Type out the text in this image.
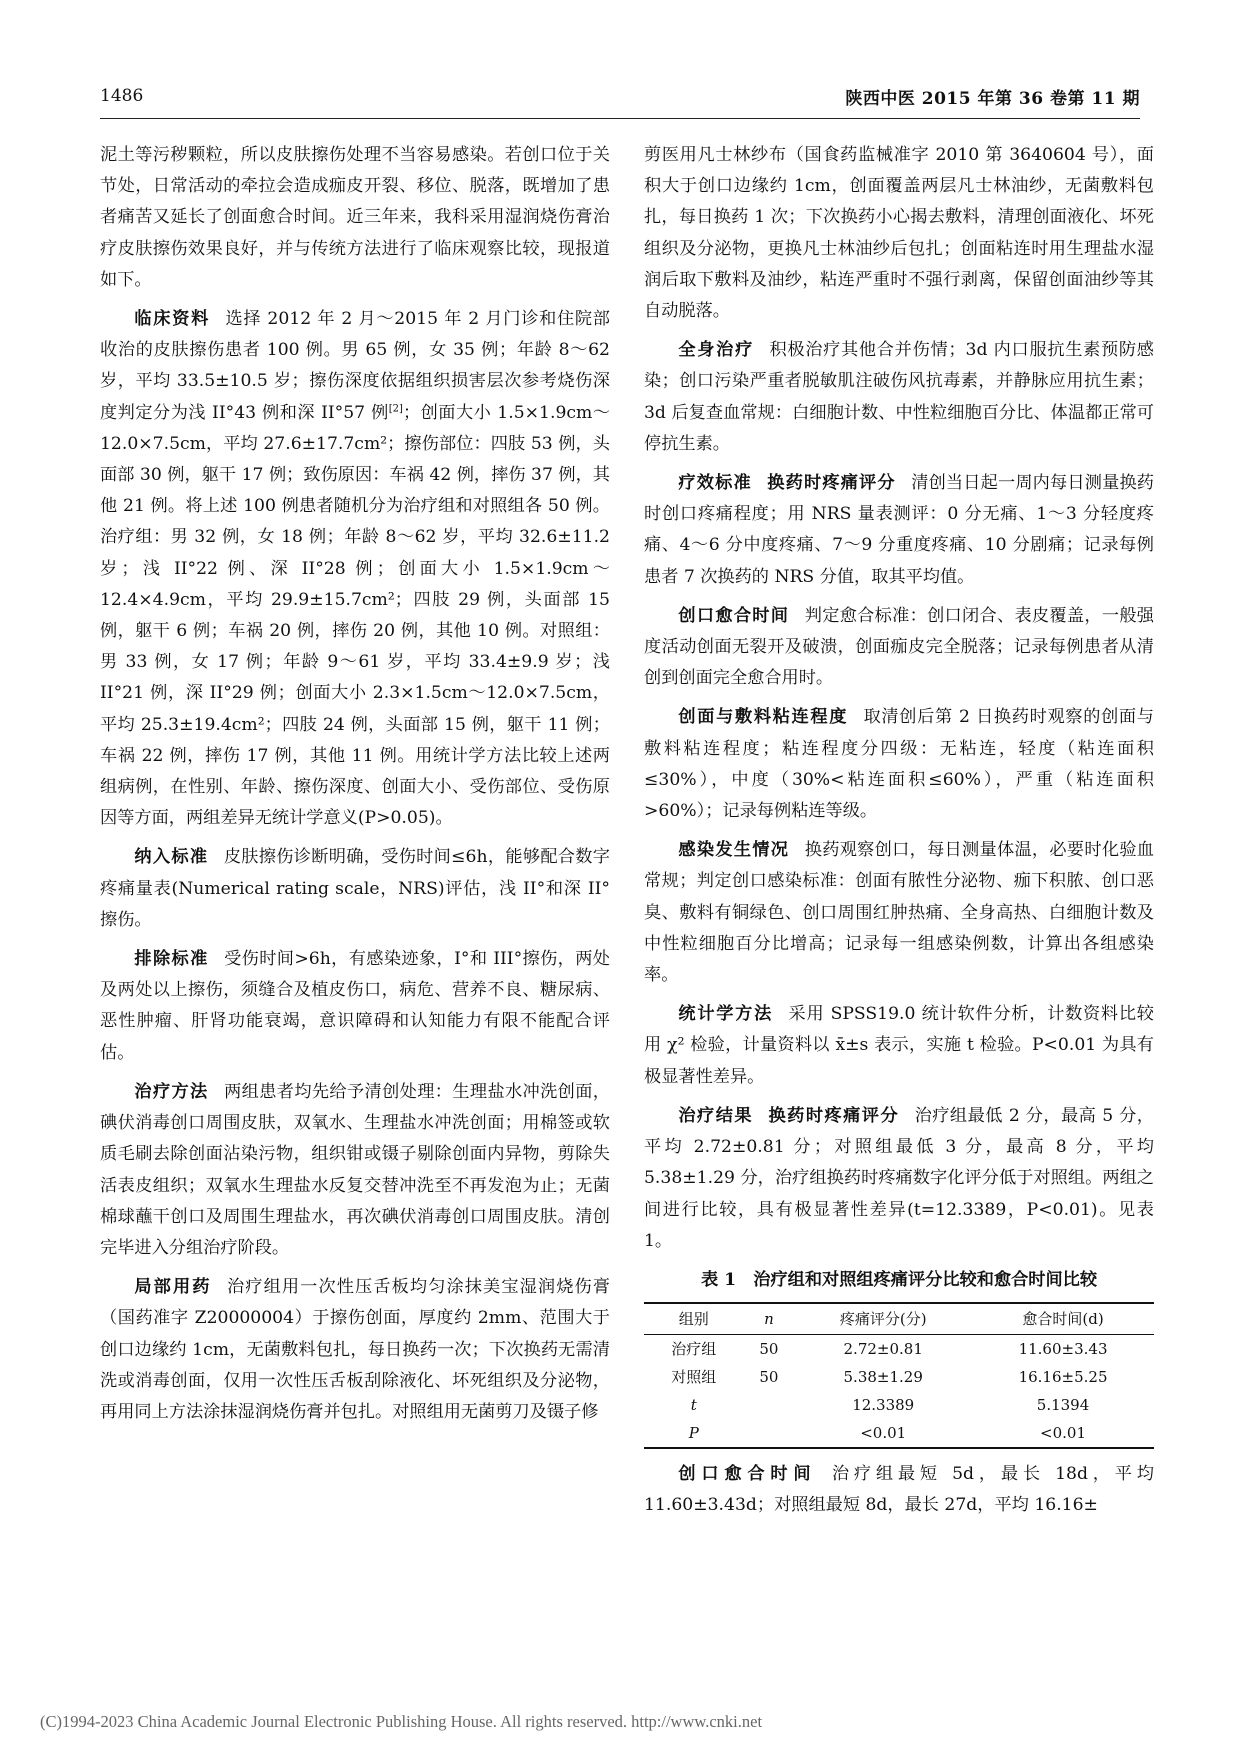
1486	陕西中医 2015 年第 36 卷第 11 期

泥土等污秽颗粒，所以皮肤擦伤处理不当容易感染。若创口位于关节处，日常活动的牵拉会造成痂皮开裂、移位、脱落，既增加了患者痛苦又延长了创面愈合时间。近三年来，我科采用湿润烧伤膏治疗皮肤擦伤效果良好，并与传统方法进行了临床观察比较，现报道如下。

临床资料 选择 2012 年 2 月～2015 年 2 月门诊和住院部收治的皮肤擦伤患者 100 例。男 65 例，女 35 例；年龄 8～62 岁，平均 33.5±10.5 岁；擦伤深度依据组织损害层次参考烧伤深度判定分为浅 II°43 例和深 II°57 例[2]；创面大小 1.5×1.9cm～12.0×7.5cm，平均 27.6±17.7cm²；擦伤部位：四肢 53 例，头面部 30 例，躯干 17 例；致伤原因：车祸 42 例，摔伤 37 例，其他 21 例。将上述 100 例患者随机分为治疗组和对照组各 50 例。治疗组：男 32 例，女 18 例；年龄 8～62 岁，平均 32.6±11.2 岁；浅 II°22 例、深 II°28 例；创面大小 1.5×1.9cm～12.4×4.9cm，平均 29.9±15.7cm²；四肢 29 例，头面部 15 例，躯干 6 例；车祸 20 例，摔伤 20 例，其他 10 例。对照组：男 33 例，女 17 例；年龄 9～61 岁，平均 33.4±9.9 岁；浅 II°21 例，深 II°29 例；创面大小 2.3×1.5cm～12.0×7.5cm，平均 25.3±19.4cm²；四肢 24 例，头面部 15 例，躯干 11 例；车祸 22 例，摔伤 17 例，其他 11 例。用统计学方法比较上述两组病例，在性别、年龄、擦伤深度、创面大小、受伤部位、受伤原因等方面，两组差异无统计学意义(P>0.05)。

纳入标准 皮肤擦伤诊断明确，受伤时间≤6h，能够配合数字疼痛量表(Numerical rating scale，NRS)评估，浅 II°和深 II°擦伤。

排除标准 受伤时间>6h，有感染迹象，I°和 III°擦伤，两处及两处以上擦伤，须缝合及植皮伤口，病危、营养不良、糖尿病、恶性肿瘤、肝肾功能衰竭，意识障碍和认知能力有限不能配合评估。

治疗方法 两组患者均先给予清创处理：生理盐水冲洗创面，碘伏消毒创口周围皮肤，双氧水、生理盐水冲洗创面；用棉签或软质毛刷去除创面沾染污物，组织钳或镊子剔除创面内异物，剪除失活表皮组织；双氧水生理盐水反复交替冲洗至不再发泡为止；无菌棉球蘸干创口及周围生理盐水，再次碘伏消毒创口周围皮肤。清创完毕进入分组治疗阶段。

局部用药 治疗组用一次性压舌板均匀涂抹美宝湿润烧伤膏（国药准字 Z20000004）于擦伤创面，厚度约 2mm、范围大于创口边缘约 1cm，无菌敷料包扎，每日换药一次；下次换药无需清洗或消毒创面，仅用一次性压舌板刮除液化、坏死组织及分泌物，再用同上方法涂抹湿润烧伤膏并包扎。对照组用无菌剪刀及镊子修

剪医用凡士林纱布（国食药监械准字 2010 第 3640604 号），面积大于创口边缘约 1cm，创面覆盖两层凡士林油纱，无菌敷料包扎，每日换药 1 次；下次换药小心揭去敷料，清理创面液化、坏死组织及分泌物，更换凡士林油纱后包扎；创面粘连时用生理盐水湿润后取下敷料及油纱，粘连严重时不强行剥离，保留创面油纱等其自动脱落。

全身治疗 积极治疗其他合并伤情；3d 内口服抗生素预防感染；创口污染严重者脱敏肌注破伤风抗毒素，并静脉应用抗生素；3d 后复查血常规：白细胞计数、中性粒细胞百分比、体温都正常可停抗生素。

疗效标准 换药时疼痛评分 清创当日起一周内每日测量换药时创口疼痛程度；用 NRS 量表测评：0 分无痛、1～3 分轻度疼痛、4～6 分中度疼痛、7～9 分重度疼痛、10 分剧痛；记录每例患者 7 次换药的 NRS 分值，取其平均值。

创口愈合时间 判定愈合标准：创口闭合、表皮覆盖，一般强度活动创面无裂开及破溃，创面痂皮完全脱落；记录每例患者从清创到创面完全愈合用时。

创面与敷料粘连程度 取清创后第 2 日换药时观察的创面与敷料粘连程度；粘连程度分四级：无粘连，轻度（粘连面积≤30%），中度（30%<粘连面积≤60%），严重（粘连面积>60%）；记录每例粘连等级。

感染发生情况 换药观察创口，每日测量体温，必要时化验血常规；判定创口感染标准：创面有脓性分泌物、痂下积脓、创口恶臭、敷料有铜绿色、创口周围红肿热痛、全身高热、白细胞计数及中性粒细胞百分比增高；记录每一组感染例数，计算出各组感染率。

统计学方法 采用 SPSS19.0 统计软件分析，计数资料比较用 χ² 检验，计量资料以 x̄±s 表示，实施 t 检验。P<0.01 为具有极显著性差异。

治疗结果 换药时疼痛评分 治疗组最低 2 分，最高 5 分，平均 2.72±0.81 分；对照组最低 3 分，最高 8 分，平均 5.38±1.29 分，治疗组换药时疼痛数字化评分低于对照组。两组之间进行比较，具有极显著性差异(t=12.3389，P<0.01)。见表 1。

表 1　治疗组和对照组疼痛评分比较和愈合时间比较
组别	n	疼痛评分(分)	愈合时间(d)
治疗组	50	2.72±0.81	11.60±3.43
对照组	50	5.38±1.29	16.16±5.25
t		12.3389	5.1394
P		<0.01	<0.01

创口愈合时间 治疗组最短 5d，最长 18d，平均 11.60±3.43d；对照组最短 8d，最长 27d，平均 16.16±

(C)1994-2023 China Academic Journal Electronic Publishing House. All rights reserved. http://www.cnki.net
